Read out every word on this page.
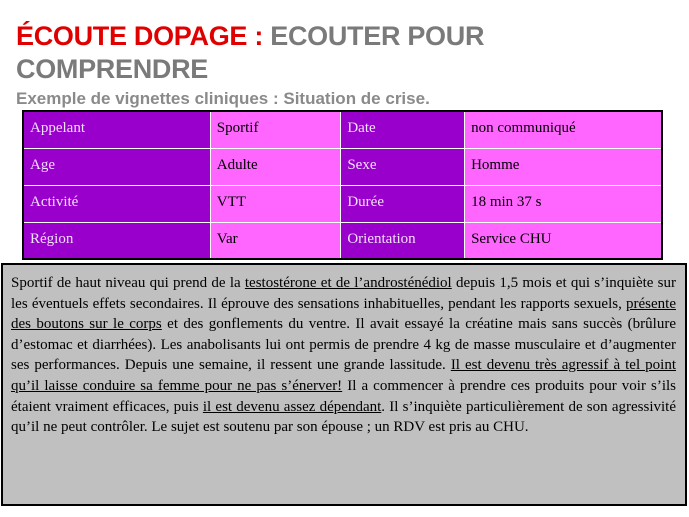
ÉCOUTE DOPAGE : ECOUTER POUR COMPRENDRE
Exemple de vignettes cliniques : Situation de crise.
Appelant	Sportif	Date	non communiqué
Age	Adulte	Sexe	Homme
Activité	VTT	Durée	18 min 37 s
Région	Var	Orientation	Service CHU
Sportif de haut niveau qui prend de la testostérone et de l’androsténédiol depuis 1,5 mois et qui s’inquiète sur les éventuels effets secondaires. Il éprouve des sensations inhabituelles, pendant les rapports sexuels, présente des boutons sur le corps et des gonflements du ventre. Il avait essayé la créatine mais sans succès (brûlure d’estomac et diarrhées). Les anabolisants lui ont permis de prendre 4 kg de masse musculaire et d’augmenter ses performances. Depuis une semaine, il ressent une grande lassitude. Il est devenu très agressif à tel point qu’il laisse conduire sa femme pour ne pas s’énerver! Il a commencer à prendre ces produits pour voir s’ils étaient vraiment efficaces, puis il est devenu assez dépendant. Il s’inquiète particulièrement de son agressivité qu’il ne peut contrôler. Le sujet est soutenu par son épouse ; un RDV est pris au CHU.
